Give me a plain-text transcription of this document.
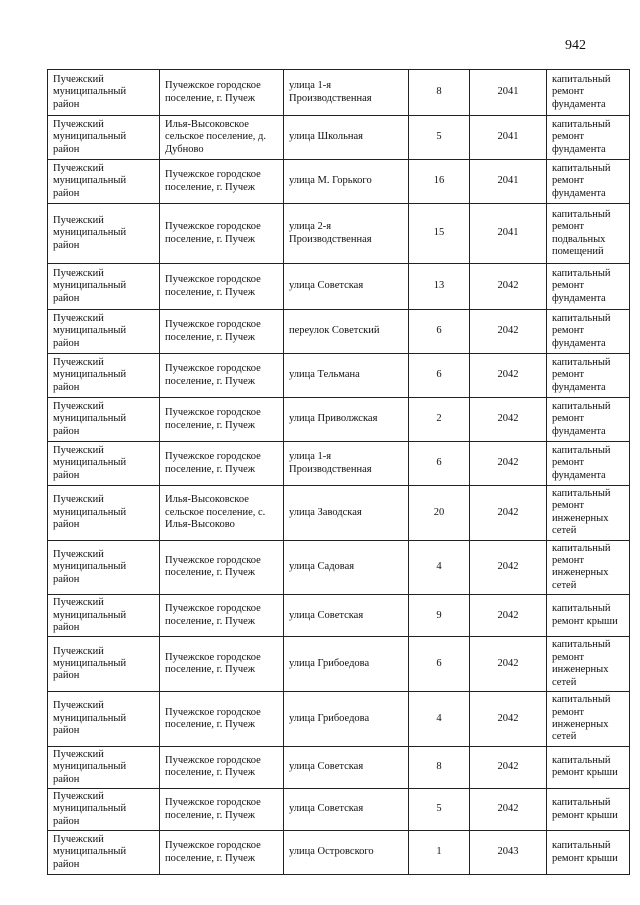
942
Пучежский муниципальный район	Пучежское городское поселение, г. Пучеж	улица 1-я Производственная	8	2041	капитальный ремонт фундамента
Пучежский муниципальный район	Илья-Высоковское сельское поселение, д. Дубново	улица Школьная	5	2041	капитальный ремонт фундамента
Пучежский муниципальный район	Пучежское городское поселение, г. Пучеж	улица М. Горького	16	2041	капитальный ремонт фундамента
Пучежский муниципальный район	Пучежское городское поселение, г. Пучеж	улица 2-я Производственная	15	2041	капитальный ремонт подвальных помещений
Пучежский муниципальный район	Пучежское городское поселение, г. Пучеж	улица Советская	13	2042	капитальный ремонт фундамента
Пучежский муниципальный район	Пучежское городское поселение, г. Пучеж	переулок Советский	6	2042	капитальный ремонт фундамента
Пучежский муниципальный район	Пучежское городское поселение, г. Пучеж	улица Тельмана	6	2042	капитальный ремонт фундамента
Пучежский муниципальный район	Пучежское городское поселение, г. Пучеж	улица Приволжская	2	2042	капитальный ремонт фундамента
Пучежский муниципальный район	Пучежское городское поселение, г. Пучеж	улица 1-я Производственная	6	2042	капитальный ремонт фундамента
Пучежский муниципальный район	Илья-Высоковское сельское поселение, с. Илья-Высоково	улица Заводская	20	2042	капитальный ремонт инженерных сетей
Пучежский муниципальный район	Пучежское городское поселение, г. Пучеж	улица Садовая	4	2042	капитальный ремонт инженерных сетей
Пучежский муниципальный район	Пучежское городское поселение, г. Пучеж	улица Советская	9	2042	капитальный ремонт крыши
Пучежский муниципальный район	Пучежское городское поселение, г. Пучеж	улица Грибоедова	6	2042	капитальный ремонт инженерных сетей
Пучежский муниципальный район	Пучежское городское поселение, г. Пучеж	улица Грибоедова	4	2042	капитальный ремонт инженерных сетей
Пучежский муниципальный район	Пучежское городское поселение, г. Пучеж	улица Советская	8	2042	капитальный ремонт крыши
Пучежский муниципальный район	Пучежское городское поселение, г. Пучеж	улица Советская	5	2042	капитальный ремонт крыши
Пучежский муниципальный район	Пучежское городское поселение, г. Пучеж	улица Островского	1	2043	капитальный ремонт крыши
